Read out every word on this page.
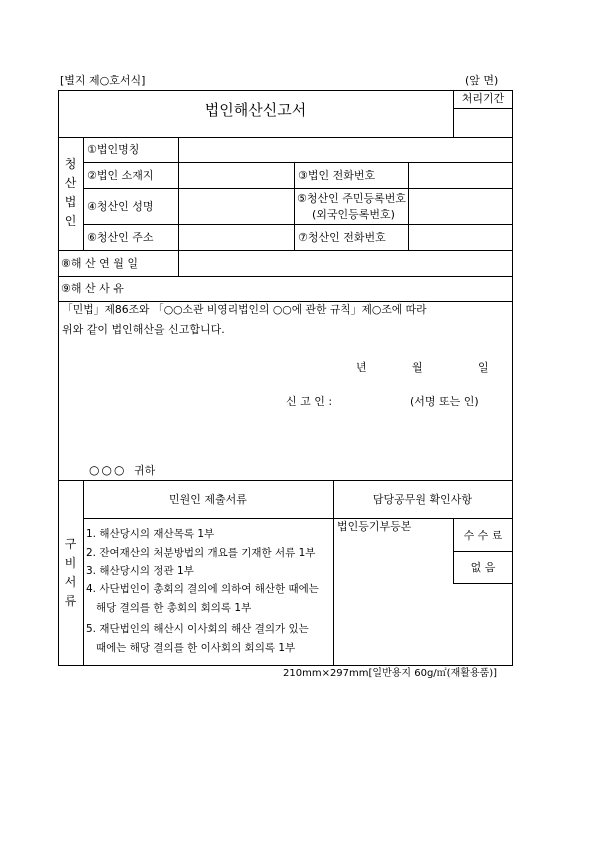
[별지 제○호서식]	(앞 면)
법인해산신고서
처리기간
청
산
법
인
①법인명칭
②법인 소재지	③법인 전화번호
④청산인 성명
⑤청산인 주민등록번호
(외국인등록번호)
⑥청산인 주소	⑦청산인 전화번호
⑧해 산 연 월 일
⑨해 산 사 유
「민법」제86조와 「○○소관 비영리법인의 ○○에 관한 규칙」제○조에 따라
위와 같이 법인해산을 신고합니다.
년	월	일
신 고 인 :	(서명 또는 인)
○○○ 귀하
구
비
서
류
민원인 제출서류	담당공무원 확인사항
1. 해산당시의 재산목록 1부
2. 잔여재산의 처분방법의 개요를 기재한 서류 1부
3. 해산당시의 정관 1부
4. 사단법인이 총회의 결의에 의하여 해산한 때에는
해당 결의를 한 총회의 회의록 1부
5. 재단법인의 해산시 이사회의 해산 결의가 있는
때에는 해당 결의를 한 이사회의 회의록 1부
법인등기부등본
수 수 료
없 음
210mm×297mm[일반용지 60g/㎡(재활용품)]
